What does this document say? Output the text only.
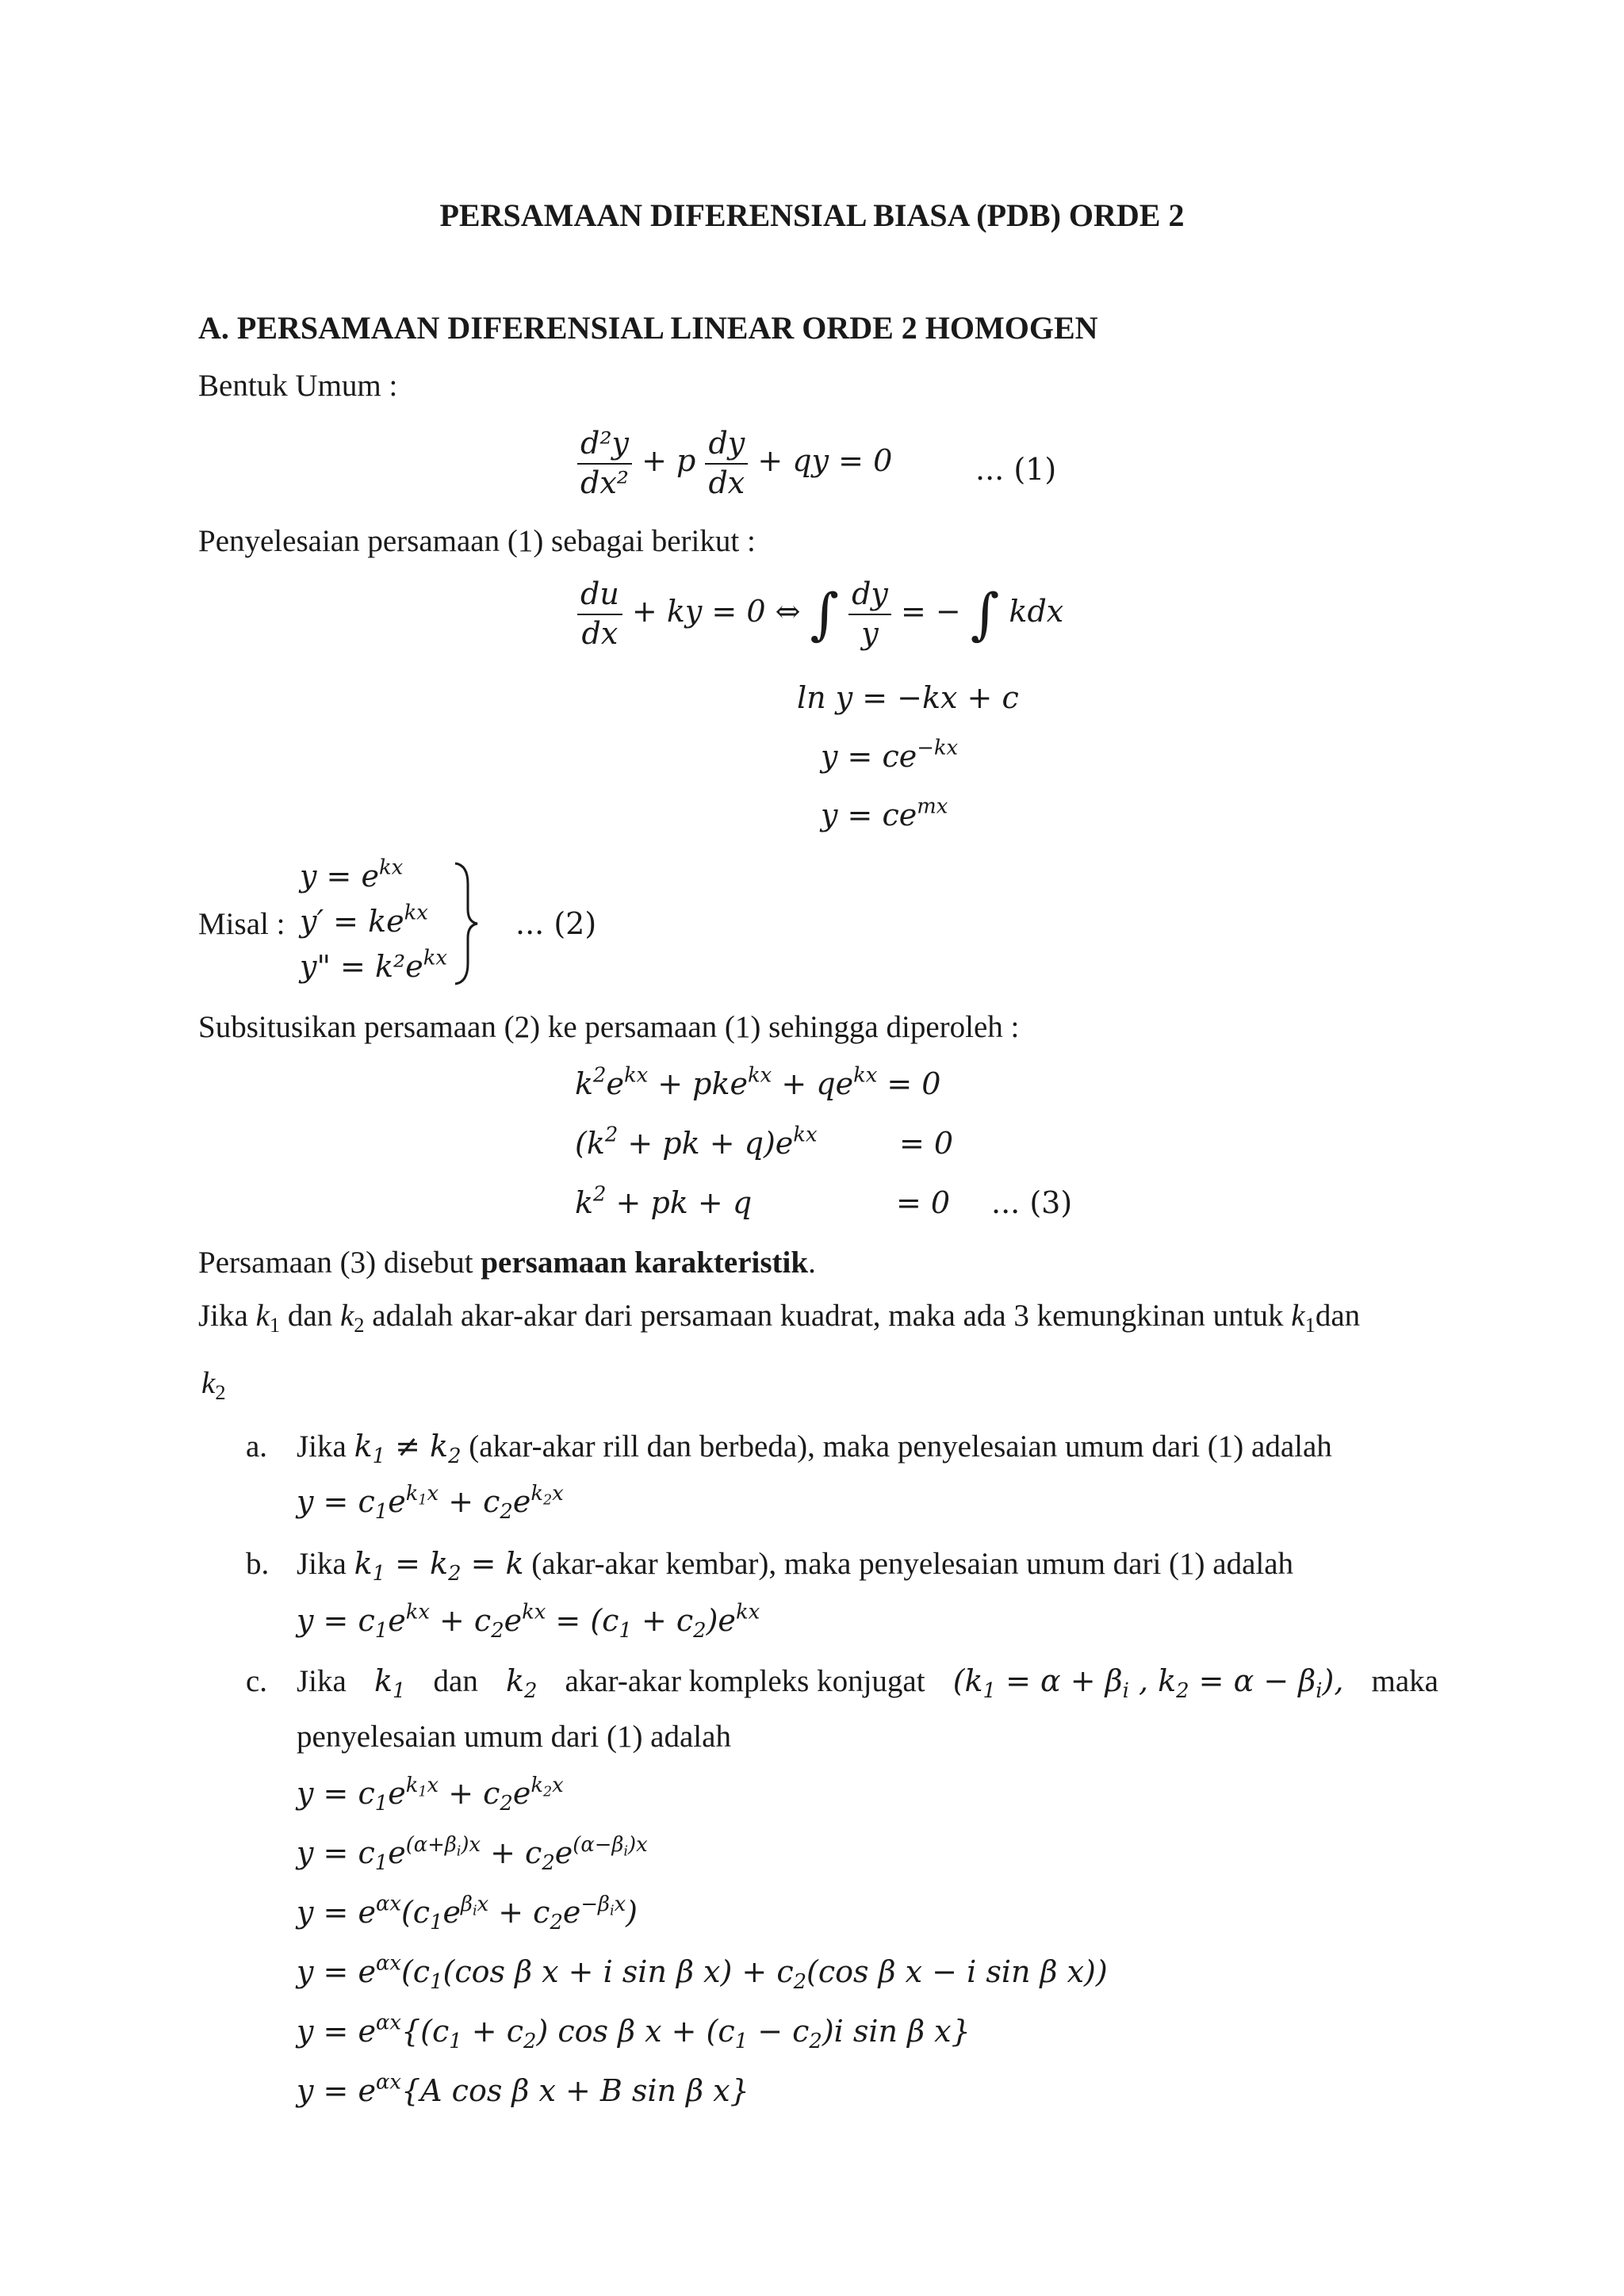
PERSAMAAN DIFERENSIAL BIASA (PDB) ORDE 2
A. PERSAMAAN DIFERENSIAL LINEAR ORDE 2 HOMOGEN
Bentuk Umum :
$\frac{\text{d²y}}{\text{dx²}} + p \frac{dy}{dx}$ + qy = 0	... (1)
Penyelesaian persamaan (1) sebagai berikut :
$\frac{du}{dx}$ + ky = 0 ⇔ ∫ $\frac{dy}{y}$ = − ∫ kdx
ln y = −kx + c
$y = ce^{-kx}$
$y = ce^{mx}$
Misal :
$y = e^{kx}$
$y' = ke^{kx}$
y" = $k^2e^{kx}$
... (2)
Subsitusikan persamaan (2) ke persamaan (1) sehingga diperoleh :
$k^2e^{kx} + pke^{kx} + qe^{kx} = 0$
($k^2$ + pk + $q)e^{kx}$	= 0
$k^2$ + pk + q	= 0 ... (3)
Persamaan (3) disebut persamaan karakteristik.
Jika $k_1$ dan $k_2$ adalah akar-akar dari persamaan kuadrat, maka ada 3 kemungkinan untuk $k_1dan$
$k_2$
a. Jika $k_1 \ne k_2$ (akar-akar rill dan berbeda), maka penyelesaian umum dari (1) adalah
$y = c_1e^{k_1x} + c_2e^{k_2x}$
b. Jika $k_1 = k_2 = k$ (akar-akar kembar), maka penyelesaian umum dari (1) adalah
$y = c_1e^{kx} + c_2e^{kx} = (c_1 + c_2)e^{kx}$
c. Jika $k_1$ dan $k_2$ akar-akar kompleks konjugat ($k_1 = \alpha + \beta_i$ , $k_2 = \alpha - \beta_i$), maka
penyelesaian umum dari (1) adalah
$y = c_1e^{k_1x} + c_2e^{k_2x}$
$y = c_1e^{(\alpha+\beta_i)x} + c_2e^{(\alpha-\beta_i)x}$
$y = e^{\alpha x}(c_1e^{\beta_ix} + c_2e^{-\beta_ix})$
$y = e^{\alpha x}(c_1(\cos$ β x + i sin β $x) + c_2(\cos$ β x − i sin β x))
$y = e^{\alpha x}\{(c_1 + c_2)$ cos β $x + (c_1 - c_2)i$ sin β x}
$y = e^{\alpha x}\{A$ cos β x + B sin β x}
